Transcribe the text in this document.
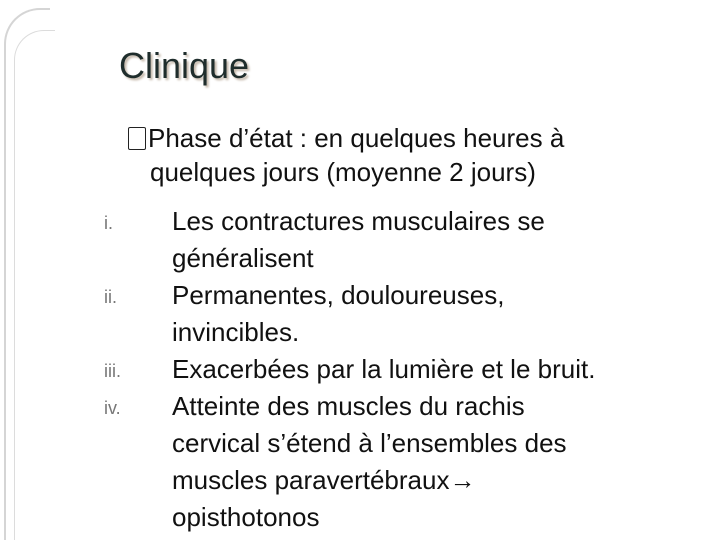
Clinique
Phase d’état : en quelques heures à
quelques jours (moyenne 2 jours)
i. Les contractures musculaires se
généralisent
ii. Permanentes, douloureuses,
invincibles.
iii. Exacerbées par la lumière et le bruit.
iv. Atteinte des muscles du rachis
cervical s’étend à l’ensembles des
muscles paravertébraux→
opisthotonos
